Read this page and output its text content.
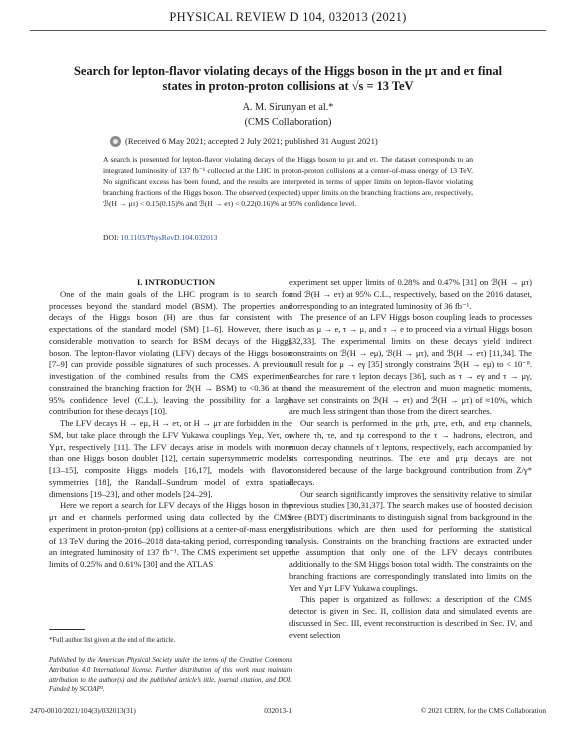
PHYSICAL REVIEW D 104, 032013 (2021)
Search for lepton-flavor violating decays of the Higgs boson in the μτ and eτ final states in proton-proton collisions at √s = 13 TeV
A. M. Sirunyan et al.*
(CMS Collaboration)
(Received 6 May 2021; accepted 2 July 2021; published 31 August 2021)
A search is presented for lepton-flavor violating decays of the Higgs boson to μτ and eτ. The dataset corresponds to an integrated luminosity of 137 fb⁻¹ collected at the LHC in proton-proton collisions at a center-of-mass energy of 13 TeV. No significant excess has been found, and the results are interpreted in terms of upper limits on lepton-flavor violating branching fractions of the Higgs boson. The observed (expected) upper limits on the branching fractions are, respectively, ℬ(H → μτ) < 0.15(0.15)% and ℬ(H → eτ) < 0.22(0.16)% at 95% confidence level.
DOI: 10.1103/PhysRevD.104.032013

I. INTRODUCTION

One of the main goals of the LHC program is to search for processes beyond the standard model (BSM). The properties and decays of the Higgs boson (H) are thus far consistent with expectations of the standard model (SM) [1–6]. However, there is considerable motivation to search for BSM decays of the Higgs boson. The lepton-flavor violating (LFV) decays of the Higgs boson [7–9] can provide possible signatures of such processes. A previous investigation of the combined results from the CMS experiment constrained the branching fraction for ℬ(H → BSM) to <0.36 at the 95% confidence level (C.L.), leaving the possibility for a large contribution for these decays [10].

The LFV decays H → eμ, H → eτ, or H → μτ are forbidden in the SM, but take place through the LFV Yukawa couplings Yeμ, Yeτ, or Yμτ, respectively [11]. The LFV decays arise in models with more than one Higgs boson doublet [12], certain supersymmetric models [13–15], composite Higgs models [16,17], models with flavor symmetries [18], the Randall–Sundrum model of extra spatial dimensions [19–23], and other models [24–29].

Here we report a search for LFV decays of the Higgs boson in the μτ and eτ channels performed using data collected by the CMS experiment in proton-proton (pp) collisions at a center-of-mass energy of 13 TeV during the 2016–2018 data-taking period, corresponding to an integrated luminosity of 137 fb⁻¹. The CMS experiment set upper limits of 0.25% and 0.61% [30] and the ATLAS

experiment set upper limits of 0.28% and 0.47% [31] on ℬ(H → μτ) and ℬ(H → eτ) at 95% C.L., respectively, based on the 2016 dataset, corresponding to an integrated luminosity of 36 fb⁻¹.

The presence of an LFV Higgs boson coupling leads to processes such as μ → e, τ → μ, and τ → e to proceed via a virtual Higgs boson [32,33]. The experimental limits on these decays yield indirect constraints on ℬ(H → eμ), ℬ(H → μτ), and ℬ(H → eτ) [11,34]. The null result for μ → eγ [35] strongly constrains ℬ(H → eμ) to < 10⁻⁸. Searches for rare τ lepton decays [36], such as τ → eγ and τ → μγ, and the measurement of the electron and muon magnetic moments, have set constraints on ℬ(H → eτ) and ℬ(H → μτ) of ≈10%, which are much less stringent than those from the direct searches.

Our search is performed in the μτh, μτe, eτh, and eτμ channels, where τh, τe, and τμ correspond to the τ → hadrons, electron, and muon decay channels of τ leptons, respectively, each accompanied by its corresponding neutrinos. The eτe and μτμ decays are not considered because of the large background contribution from Z/γ* decays.

Our search significantly improves the sensitivity relative to similar previous studies [30,31,37]. The search makes use of boosted decision tree (BDT) discriminants to distinguish signal from background in the distributions which are then used for performing the statistical analysis. Constraints on the branching fractions are extracted under the assumption that only one of the LFV decays contributes additionally to the SM Higgs boson total width. The constraints on the branching fractions are correspondingly translated into limits on the Yeτ and Yμτ LFV Yukawa couplings.

This paper is organized as follows: a description of the CMS detector is given in Sec. II, collision data and simulated events are discussed in Sec. III, event reconstruction is described in Sec. IV, and event selection

*Full author list given at the end of the article.
Published by the American Physical Society under the terms of the Creative Commons Attribution 4.0 International license. Further distribution of this work must maintain attribution to the author(s) and the published article’s title, journal citation, and DOI. Funded by SCOAP³.
2470-0010/2021/104(3)/032013(31)	032013-1	© 2021 CERN, for the CMS Collaboration
